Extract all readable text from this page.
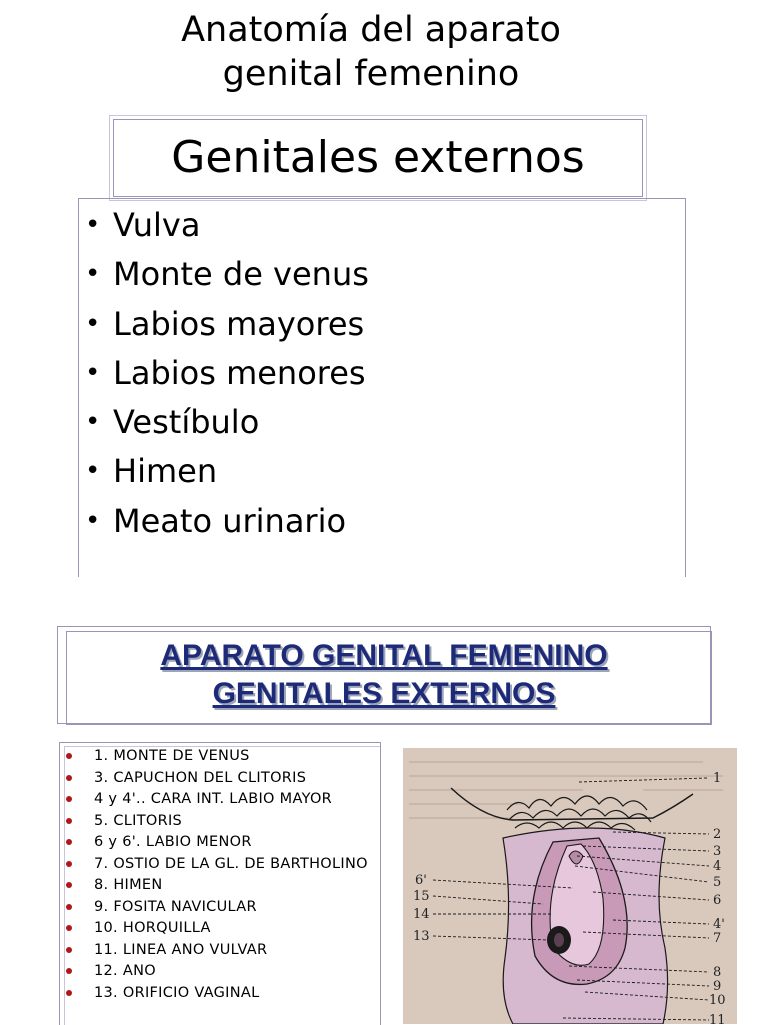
Anatomía del aparato
genital femenino
Genitales externos
• Vulva
• Monte de venus
• Labios mayores
• Labios menores
• Vestíbulo
• Himen
• Meato urinario
APARATO GENITAL FEMENINO
GENITALES EXTERNOS
1. MONTE DE VENUS
3. CAPUCHON DEL CLITORIS
4 y 4'.. CARA INT. LABIO MAYOR
5. CLITORIS
6 y 6'. LABIO MENOR
7. OSTIO DE LA GL. DE BARTHOLINO
8. HIMEN
9. FOSITA NAVICULAR
10. HORQUILLA
11. LINEA ANO VULVAR
12. ANO
13. ORIFICIO VAGINAL
1
2
3
4
5
6
4'
7
8
9
10
11
6'
15
14
13
